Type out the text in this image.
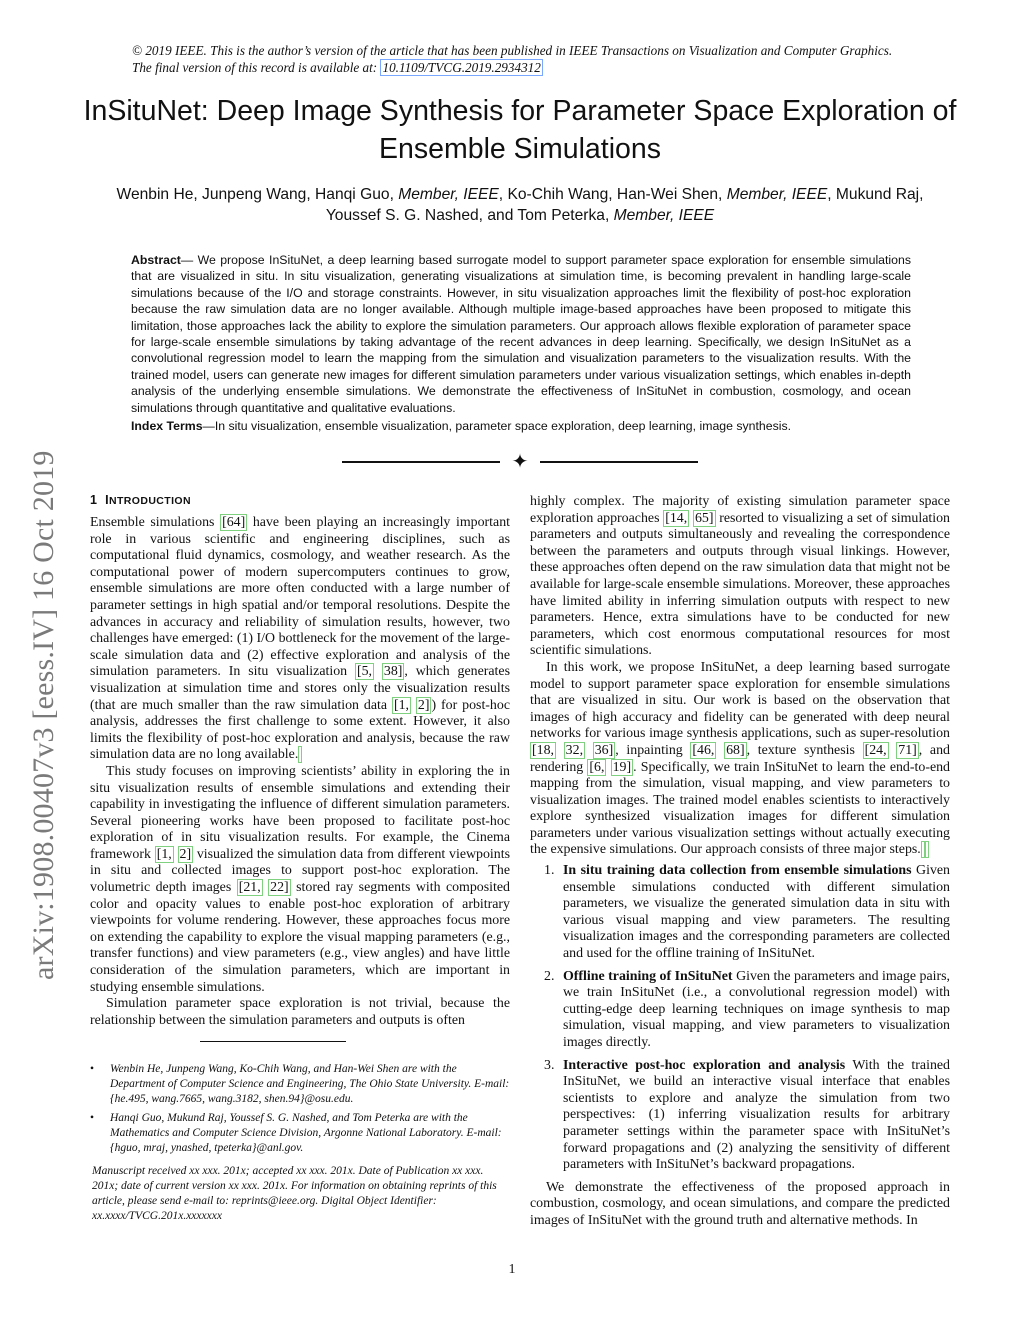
© 2019 IEEE. This is the author’s version of the article that has been published in IEEE Transactions on Visualization and Computer Graphics. The final version of this record is available at: 10.1109/TVCG.2019.2934312
InSituNet: Deep Image Synthesis for Parameter Space Exploration of Ensemble Simulations
Wenbin He, Junpeng Wang, Hanqi Guo, Member, IEEE, Ko-Chih Wang, Han-Wei Shen, Member, IEEE, Mukund Raj, Youssef S. G. Nashed, and Tom Peterka, Member, IEEE
Abstract— We propose InSituNet, a deep learning based surrogate model to support parameter space exploration for ensemble simulations that are visualized in situ. In situ visualization, generating visualizations at simulation time, is becoming prevalent in handling large-scale simulations because of the I/O and storage constraints. However, in situ visualization approaches limit the flexibility of post-hoc exploration because the raw simulation data are no longer available. Although multiple image-based approaches have been proposed to mitigate this limitation, those approaches lack the ability to explore the simulation parameters. Our approach allows flexible exploration of parameter space for large-scale ensemble simulations by taking advantage of the recent advances in deep learning. Specifically, we design InSituNet as a convolutional regression model to learn the mapping from the simulation and visualization parameters to the visualization results. With the trained model, users can generate new images for different simulation parameters under various visualization settings, which enables in-depth analysis of the underlying ensemble simulations. We demonstrate the effectiveness of InSituNet in combustion, cosmology, and ocean simulations through quantitative and qualitative evaluations.
Index Terms—In situ visualization, ensemble visualization, parameter space exploration, deep learning, image synthesis.
✦
arXiv:1908.00407v3 [eess.IV] 16 Oct 2019	1 INTRODUCTION

Ensemble simulations [64] have been playing an increasingly important role in various scientific and engineering disciplines, such as computational fluid dynamics, cosmology, and weather research. As the computational power of modern supercomputers continues to grow, ensemble simulations are more often conducted with a large number of parameter settings in high spatial and/or temporal resolutions. Despite the advances in accuracy and reliability of simulation results, however, two challenges have emerged: (1) I/O bottleneck for the movement of the large-scale simulation data and (2) effective exploration and analysis of the simulation parameters. In situ visualization [5, 38] , which generates visualization at simulation time and stores only the visualization results (that are much smaller than the raw simulation data [1, 2] ) for post-hoc analysis, addresses the first challenge to some extent. However, it also limits the flexibility of post-hoc exploration and analysis, because the raw simulation data are no long available.

This study focuses on improving scientists’ ability in exploring the in situ visualization results of ensemble simulations and extending their capability in investigating the influence of different simulation parameters. Several pioneering works have been proposed to facilitate post-hoc exploration of in situ visualization results. For example, the Cinema framework [1, 2] visualized the simulation data from different viewpoints in situ and collected images to support post-hoc exploration. The volumetric depth images [21, 22] stored ray segments with composited color and opacity values to enable post-hoc exploration of arbitrary viewpoints for volume rendering. However, these approaches focus more on extending the capability to explore the visual mapping parameters (e.g., transfer functions) and view parameters (e.g., view angles) and have little consideration of the simulation parameters, which are important in studying ensemble simulations.

Simulation parameter space exploration is not trivial, because the relationship between the simulation parameters and outputs is often

• Wenbin He, Junpeng Wang, Ko-Chih Wang, and Han-Wei Shen are with the Department of Computer Science and Engineering, The Ohio State University. E-mail: {he.495, wang.7665, wang.3182, shen.94}@osu.edu.
• Hanqi Guo, Mukund Raj, Youssef S. G. Nashed, and Tom Peterka are with the Mathematics and Computer Science Division, Argonne National Laboratory. E-mail: {hguo, mraj, ynashed, tpeterka}@anl.gov.
Manuscript received xx xxx. 201x; accepted xx xxx. 201x. Date of Publication xx xxx. 201x; date of current version xx xxx. 201x. For information on obtaining reprints of this article, please send e-mail to: reprints@ieee.org. Digital Object Identifier: xx.xxxx/TVCG.201x.xxxxxxx

highly complex. The majority of existing simulation parameter space exploration approaches [14, 65] resorted to visualizing a set of simulation parameters and outputs simultaneously and revealing the correspondence between the parameters and outputs through visual linkings. However, these approaches often depend on the raw simulation data that might not be available for large-scale ensemble simulations. Moreover, these approaches have limited ability in inferring simulation outputs with respect to new parameters. Hence, extra simulations have to be conducted for new parameters, which cost enormous computational resources for most scientific simulations.

In this work, we propose InSituNet, a deep learning based surrogate model to support parameter space exploration for ensemble simulations that are visualized in situ. Our work is based on the observation that images of high accuracy and fidelity can be generated with deep neural networks for various image synthesis applications, such as super-resolution [18, 32, 36] , inpainting [46, 68] , texture synthesis [24, 71] , and rendering [6, 19] . Specifically, we train InSituNet to learn the end-to-end mapping from the simulation, visual mapping, and view parameters to visualization images. The trained model enables scientists to interactively explore synthesized visualization images for different simulation parameters under various visualization settings without actually executing the expensive simulations. Our approach consists of three major steps.

1. In situ training data collection from ensemble simulations Given ensemble simulations conducted with different simulation parameters, we visualize the generated simulation data in situ with various visual mapping and view parameters. The resulting visualization images and the corresponding parameters are collected and used for the offline training of InSituNet.
2. Offline training of InSituNet Given the parameters and image pairs, we train InSituNet (i.e., a convolutional regression model) with cutting-edge deep learning techniques on image synthesis to map simulation, visual mapping, and view parameters to visualization images directly.
3. Interactive post-hoc exploration and analysis With the trained InSituNet, we build an interactive visual interface that enables scientists to explore and analyze the simulation from two perspectives: (1) inferring visualization results for arbitrary parameter settings within the parameter space with InSituNet’s forward propagations and (2) analyzing the sensitivity of different parameters with InSituNet’s backward propagations.

We demonstrate the effectiveness of the proposed approach in combustion, cosmology, and ocean simulations, and compare the predicted images of InSituNet with the ground truth and alternative methods. In

1
